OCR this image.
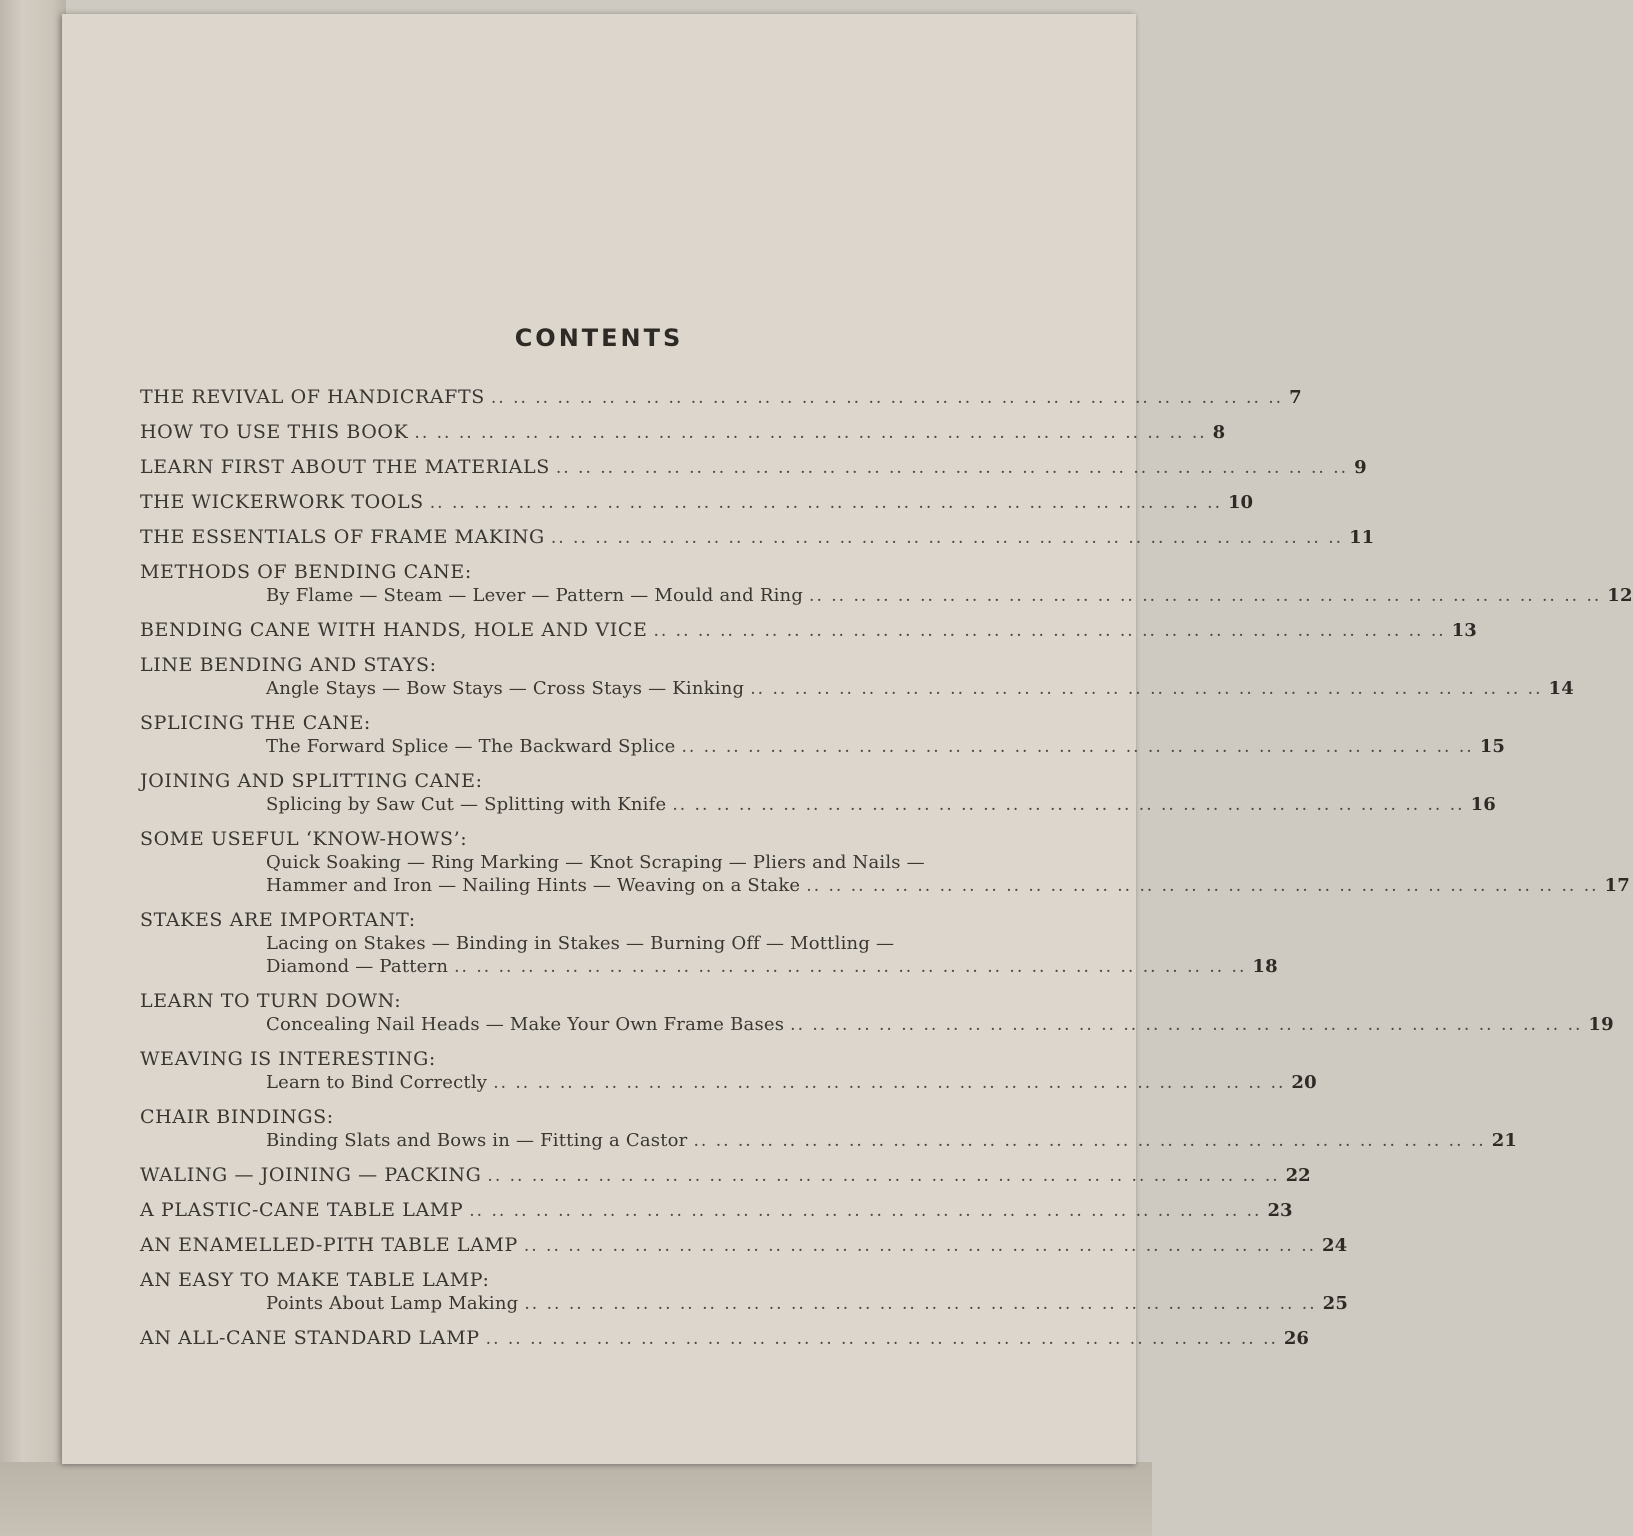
CONTENTS
THE REVIVAL OF HANDICRAFTS .. .. .. .. .. .. .. .. .. .. .. .. .. .. .. .. .. .. .. .. .. .. .. .. .. .. .. .. .. .. .. .. .. .. .. .. 7
HOW TO USE THIS BOOK .. .. .. .. .. .. .. .. .. .. .. .. .. .. .. .. .. .. .. .. .. .. .. .. .. .. .. .. .. .. .. .. .. .. .. .. 8
LEARN FIRST ABOUT THE MATERIALS .. .. .. .. .. .. .. .. .. .. .. .. .. .. .. .. .. .. .. .. .. .. .. .. .. .. .. .. .. .. .. .. .. .. .. .. 9
THE WICKERWORK TOOLS .. .. .. .. .. .. .. .. .. .. .. .. .. .. .. .. .. .. .. .. .. .. .. .. .. .. .. .. .. .. .. .. .. .. .. .. 10
THE ESSENTIALS OF FRAME MAKING .. .. .. .. .. .. .. .. .. .. .. .. .. .. .. .. .. .. .. .. .. .. .. .. .. .. .. .. .. .. .. .. .. .. .. .. 11
METHODS OF BENDING CANE:
By Flame — Steam — Lever — Pattern — Mould and Ring .. .. .. .. .. .. .. .. .. .. .. .. .. .. .. .. .. .. .. .. .. .. .. .. .. .. .. .. .. .. .. .. .. .. .. .. 12
BENDING CANE WITH HANDS, HOLE AND VICE .. .. .. .. .. .. .. .. .. .. .. .. .. .. .. .. .. .. .. .. .. .. .. .. .. .. .. .. .. .. .. .. .. .. .. .. 13
LINE BENDING AND STAYS:
Angle Stays — Bow Stays — Cross Stays — Kinking .. .. .. .. .. .. .. .. .. .. .. .. .. .. .. .. .. .. .. .. .. .. .. .. .. .. .. .. .. .. .. .. .. .. .. .. 14
SPLICING THE CANE:
The Forward Splice — The Backward Splice .. .. .. .. .. .. .. .. .. .. .. .. .. .. .. .. .. .. .. .. .. .. .. .. .. .. .. .. .. .. .. .. .. .. .. .. 15
JOINING AND SPLITTING CANE:
Splicing by Saw Cut — Splitting with Knife .. .. .. .. .. .. .. .. .. .. .. .. .. .. .. .. .. .. .. .. .. .. .. .. .. .. .. .. .. .. .. .. .. .. .. .. 16
SOME USEFUL ‘KNOW-HOWS’:
Quick Soaking — Ring Marking — Knot Scraping — Pliers and Nails —
Hammer and Iron — Nailing Hints — Weaving on a Stake .. .. .. .. .. .. .. .. .. .. .. .. .. .. .. .. .. .. .. .. .. .. .. .. .. .. .. .. .. .. .. .. .. .. .. .. 17
STAKES ARE IMPORTANT:
Lacing on Stakes — Binding in Stakes — Burning Off — Mottling —
Diamond — Pattern .. .. .. .. .. .. .. .. .. .. .. .. .. .. .. .. .. .. .. .. .. .. .. .. .. .. .. .. .. .. .. .. .. .. .. .. 18
LEARN TO TURN DOWN:
Concealing Nail Heads — Make Your Own Frame Bases .. .. .. .. .. .. .. .. .. .. .. .. .. .. .. .. .. .. .. .. .. .. .. .. .. .. .. .. .. .. .. .. .. .. .. .. 19
WEAVING IS INTERESTING:
Learn to Bind Correctly .. .. .. .. .. .. .. .. .. .. .. .. .. .. .. .. .. .. .. .. .. .. .. .. .. .. .. .. .. .. .. .. .. .. .. .. 20
CHAIR BINDINGS:
Binding Slats and Bows in — Fitting a Castor .. .. .. .. .. .. .. .. .. .. .. .. .. .. .. .. .. .. .. .. .. .. .. .. .. .. .. .. .. .. .. .. .. .. .. .. 21
WALING — JOINING — PACKING .. .. .. .. .. .. .. .. .. .. .. .. .. .. .. .. .. .. .. .. .. .. .. .. .. .. .. .. .. .. .. .. .. .. .. .. 22
A PLASTIC-CANE TABLE LAMP .. .. .. .. .. .. .. .. .. .. .. .. .. .. .. .. .. .. .. .. .. .. .. .. .. .. .. .. .. .. .. .. .. .. .. .. 23
AN ENAMELLED-PITH TABLE LAMP .. .. .. .. .. .. .. .. .. .. .. .. .. .. .. .. .. .. .. .. .. .. .. .. .. .. .. .. .. .. .. .. .. .. .. .. 24
AN EASY TO MAKE TABLE LAMP:
Points About Lamp Making .. .. .. .. .. .. .. .. .. .. .. .. .. .. .. .. .. .. .. .. .. .. .. .. .. .. .. .. .. .. .. .. .. .. .. .. 25
AN ALL-CANE STANDARD LAMP .. .. .. .. .. .. .. .. .. .. .. .. .. .. .. .. .. .. .. .. .. .. .. .. .. .. .. .. .. .. .. .. .. .. .. .. 26
